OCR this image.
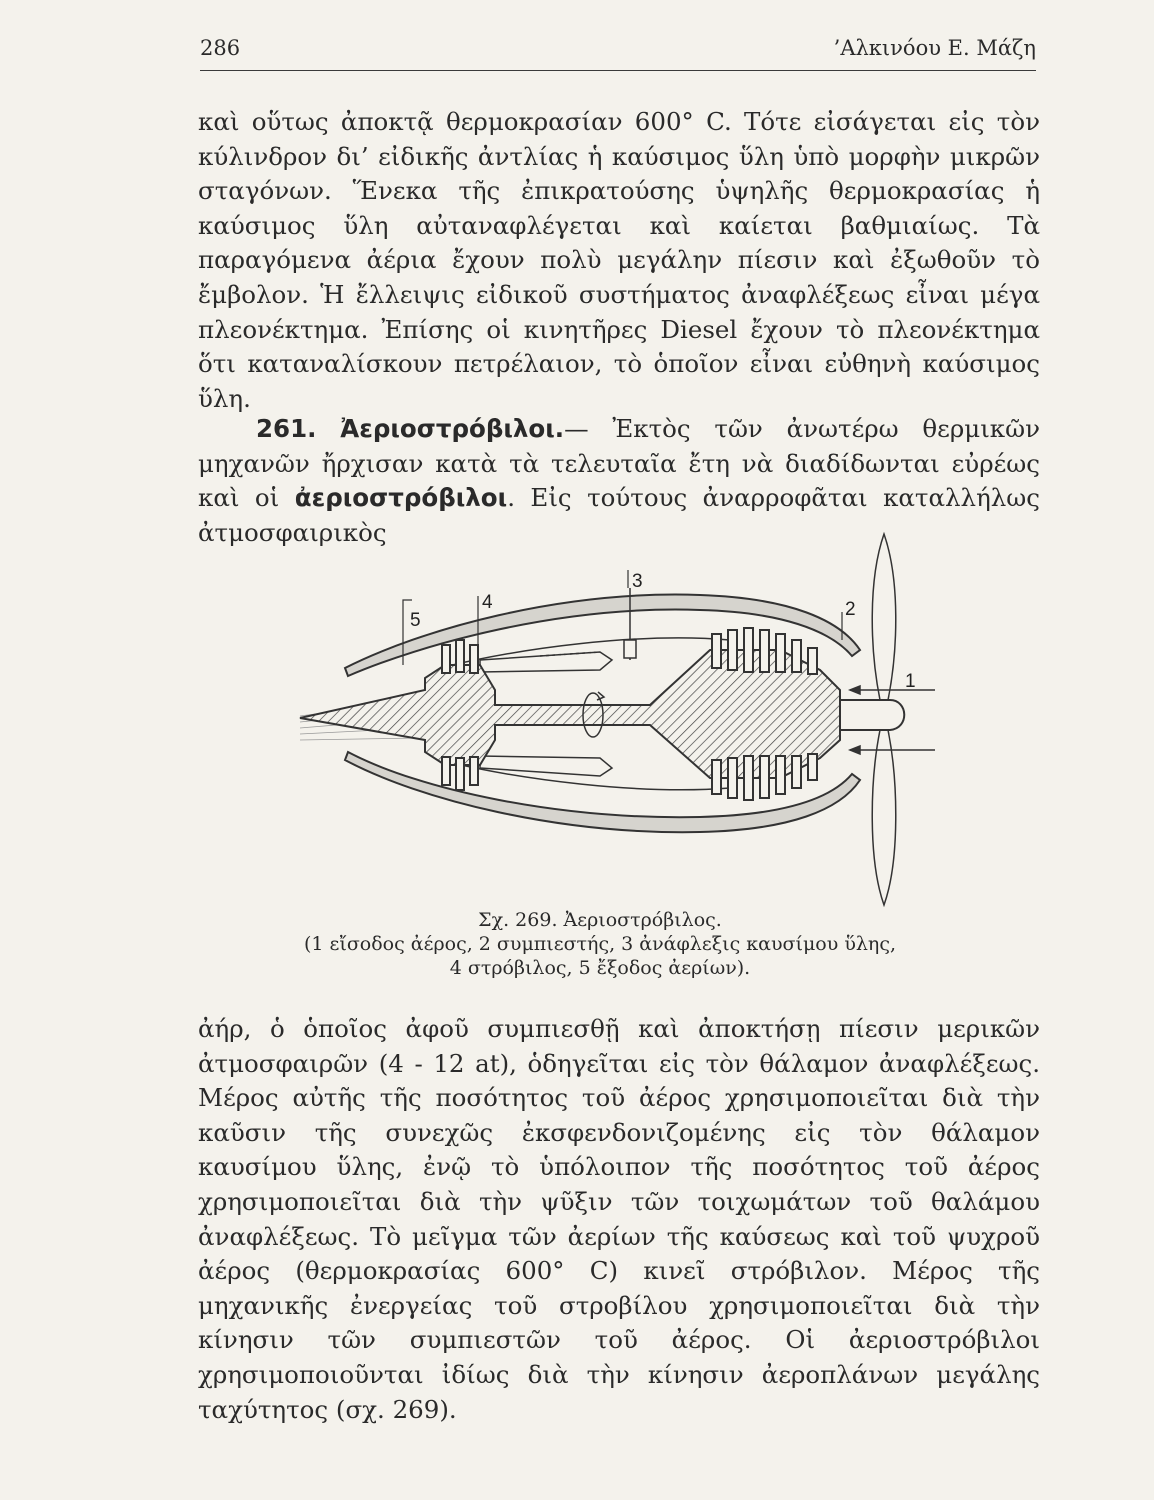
286	’Αλκινόου Ε. Μάζη

καὶ οὕτως ἀποκτᾷ θερμοκρασίαν 600° C. Τότε εἰσάγεται εἰς τὸν κύλινδρον δι’ εἰδικῆς ἀντλίας ἡ καύσιμος ὕλη ὑπὸ μορφὴν μικρῶν σταγόνων. Ἕνεκα τῆς ἐπικρατούσης ὑψηλῆς θερμοκρασίας ἡ καύσιμος ὕλη αὐταναφλέγεται καὶ καίεται βαθμιαίως. Τὰ παραγόμενα ἀέρια ἔχουν πολὺ μεγάλην πίεσιν καὶ ἐξωθοῦν τὸ ἔμβολον. Ἡ ἔλλειψις εἰδικοῦ συστήματος ἀναφλέξεως εἶναι μέγα πλεονέκτημα. Ἐπίσης οἱ κινητῆρες Diesel ἔχουν τὸ πλεονέκτημα ὅτι καταναλίσκουν πετρέλαιον, τὸ ὁποῖον εἶναι εὐθηνὴ καύσιμος ὕλη.

261. Ἀεριοστρόβιλοι.— Ἐκτὸς τῶν ἀνωτέρω θερμικῶν μηχανῶν ἤρχισαν κατὰ τὰ τελευταῖα ἔτη νὰ διαδίδωνται εὐρέως καὶ οἱ ἀεριοστρόβιλοι. Εἰς τούτους ἀναρροφᾶται καταλλήλως ἀτμοσφαιρικὸς

1
2
3
4
5
Σχ. 269. Ἀεριοστρόβιλος.
(1 εἴσοδος ἀέρος, 2 συμπιεστής, 3 ἀνάφλεξις καυσίμου ὕλης,
4 στρόβιλος, 5 ἔξοδος ἀερίων).

ἀήρ, ὁ ὁποῖος ἀφοῦ συμπιεσθῇ καὶ ἀποκτήσῃ πίεσιν μερικῶν ἀτμοσφαιρῶν (4 - 12 at), ὁδηγεῖται εἰς τὸν θάλαμον ἀναφλέξεως. Μέρος αὐτῆς τῆς ποσότητος τοῦ ἀέρος χρησιμοποιεῖται διὰ τὴν καῦσιν τῆς συνεχῶς ἐκσφενδονιζομένης εἰς τὸν θάλαμον καυσίμου ὕλης, ἐνῷ τὸ ὑπόλοιπον τῆς ποσότητος τοῦ ἀέρος χρησιμοποιεῖται διὰ τὴν ψῦξιν τῶν τοιχωμάτων τοῦ θαλάμου ἀναφλέξεως. Τὸ μεῖγμα τῶν ἀερίων τῆς καύσεως καὶ τοῦ ψυχροῦ ἀέρος (θερμοκρασίας 600° C) κινεῖ στρόβιλον. Μέρος τῆς μηχανικῆς ἐνεργείας τοῦ στροβίλου χρησιμοποιεῖται διὰ τὴν κίνησιν τῶν συμπιεστῶν τοῦ ἀέρος. Οἱ ἀεριοστρόβιλοι χρησιμοποιοῦνται ἰδίως διὰ τὴν κίνησιν ἀεροπλάνων μεγάλης ταχύτητος (σχ. 269).
